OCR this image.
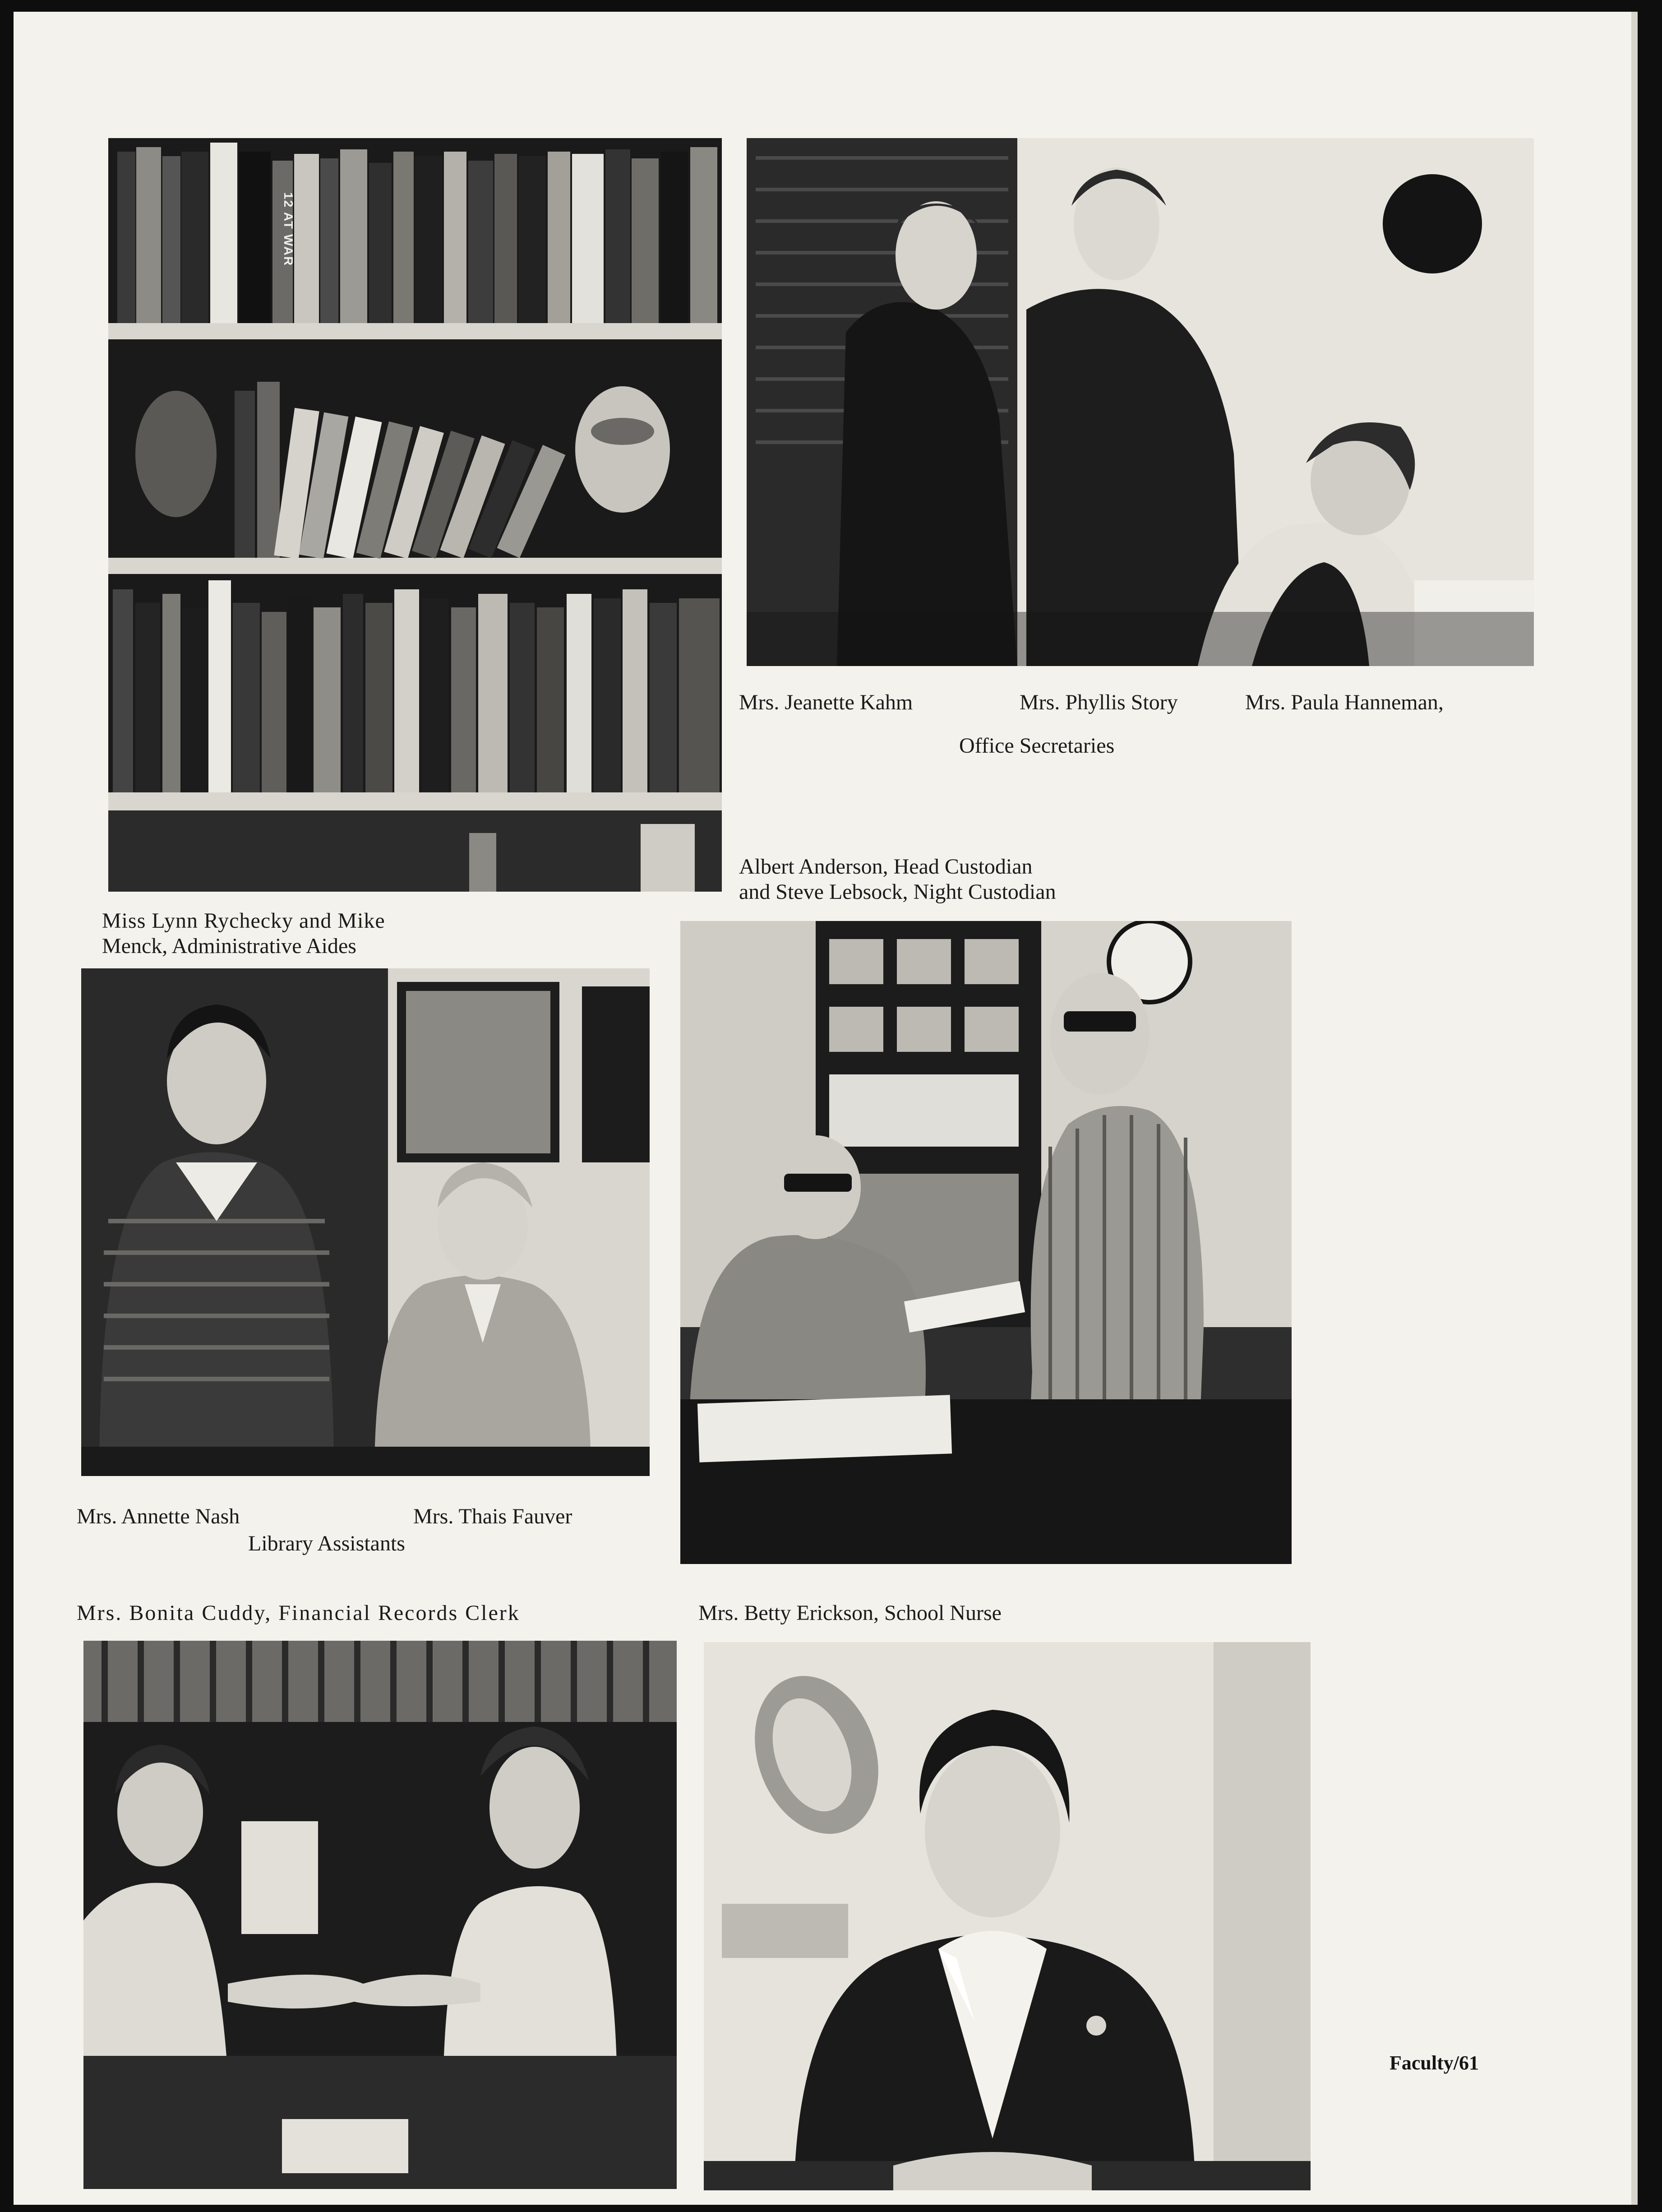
12 AT WAR
Mrs. Jeanette Kahm	Mrs. Phyllis Story	Mrs. Paula Hanneman,
Office Secretaries
Albert Anderson, Head Custodian
and Steve Lebsock, Night Custodian
Miss Lynn Rychecky and Mike
Menck, Administrative Aides
Mrs. Annette Nash	Mrs. Thais Fauver
Library Assistants
Mrs. Bonita Cuddy, Financial Records Clerk	Mrs. Betty Erickson, School Nurse
Faculty/61
